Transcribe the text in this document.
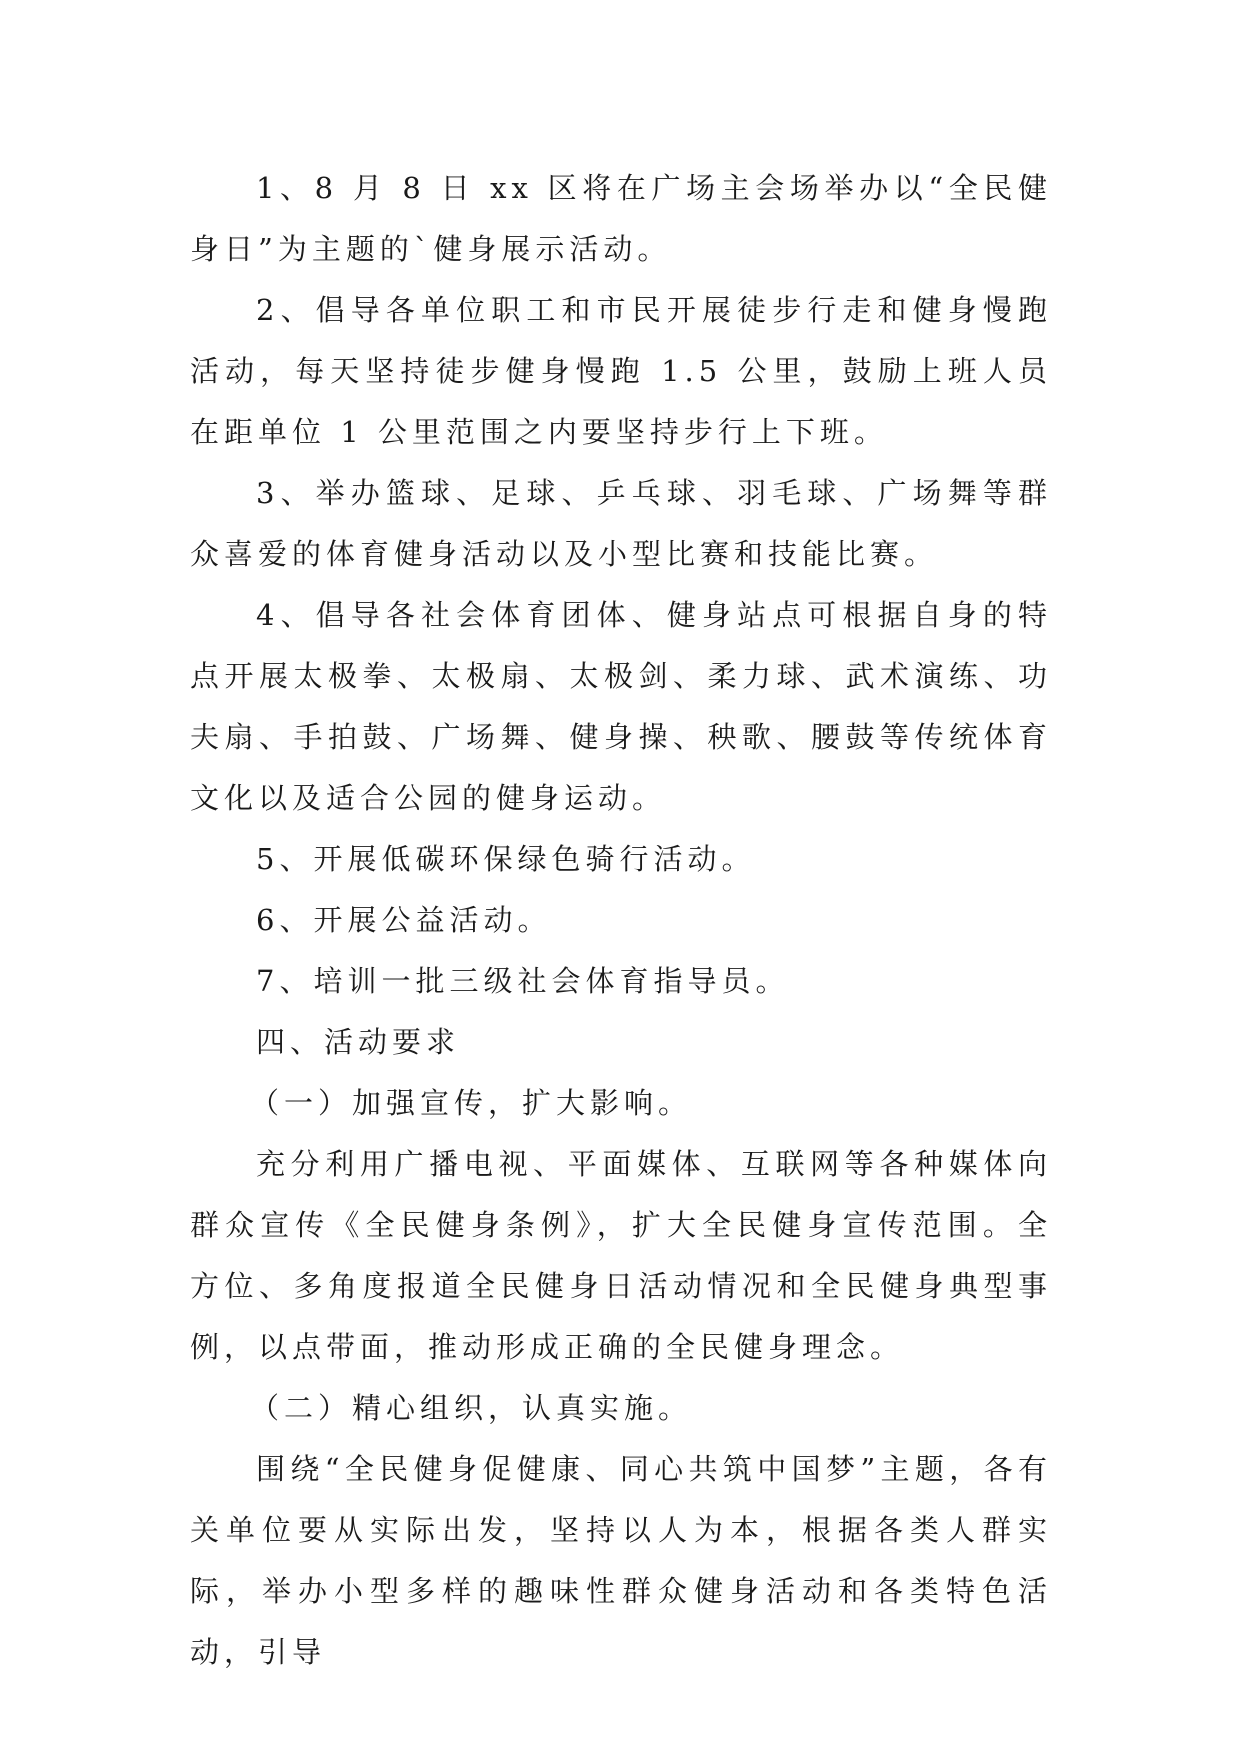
1、8 月 8 日 xx 区将在广场主会场举办以“全民健身日”为主题的`健身展示活动。

2、倡导各单位职工和市民开展徒步行走和健身慢跑活动，每天坚持徒步健身慢跑 1.5 公里，鼓励上班人员在距单位 1 公里范围之内要坚持步行上下班。

3、举办篮球、足球、乒乓球、羽毛球、广场舞等群众喜爱的体育健身活动以及小型比赛和技能比赛。

4、倡导各社会体育团体、健身站点可根据自身的特点开展太极拳、太极扇、太极剑、柔力球、武术演练、功夫扇、手拍鼓、广场舞、健身操、秧歌、腰鼓等传统体育文化以及适合公园的健身运动。

5、开展低碳环保绿色骑行活动。

6、开展公益活动。

7、培训一批三级社会体育指导员。

四、活动要求

（一）加强宣传，扩大影响。

充分利用广播电视、平面媒体、互联网等各种媒体向群众宣传《全民健身条例》，扩大全民健身宣传范围。全方位、多角度报道全民健身日活动情况和全民健身典型事例，以点带面，推动形成正确的全民健身理念。

（二）精心组织，认真实施。

围绕“全民健身促健康、同心共筑中国梦”主题，各有关单位要从实际出发，坚持以人为本，根据各类人群实际，举办小型多样的趣味性群众健身活动和各类特色活动，引导
